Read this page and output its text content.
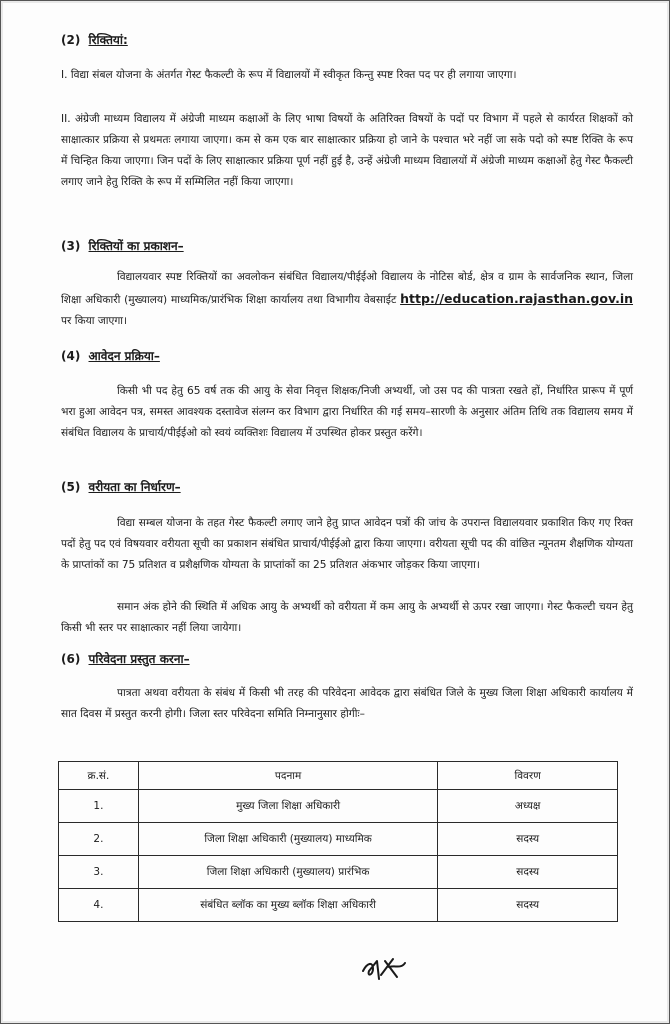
(2) रिक्तियां:

I. विद्या संबल योजना के अंतर्गत गेस्ट फैकल्टी के रूप में विद्यालयों में स्वीकृत किन्तु स्पष्ट रिक्त पद पर ही लगाया जाएगा।

II. अंग्रेजी माध्यम विद्यालय में अंग्रेजी माध्यम कक्षाओं के लिए भाषा विषयों के अतिरिक्त विषयों के पदों पर विभाग में पहले से कार्यरत शिक्षकों को साक्षात्कार प्रक्रिया से प्रथमतः लगाया जाएगा। कम से कम एक बार साक्षात्कार प्रक्रिया हो जाने के पश्चात भरे नहीं जा सके पदो को स्पष्ट रिक्ति के रूप में चिन्हित किया जाएगा। जिन पदों के लिए साक्षात्कार प्रक्रिया पूर्ण नहीं हुई है, उन्हें अंग्रेजी माध्यम विद्यालयों में अंग्रेजी माध्यम कक्षाओं हेतु गेस्ट फैकल्टी लगाए जाने हेतु रिक्ति के रूप में सम्मिलित नहीं किया जाएगा।

(3) रिक्तियों का प्रकाशन–

विद्यालयवार स्पष्ट रिक्तियों का अवलोकन संबंधित विद्यालय/पीईईओ विद्यालय के नोटिस बोर्ड, क्षेत्र व ग्राम के सार्वजनिक स्थान, जिला शिक्षा अधिकारी (मुख्यालय) माध्यमिक/प्रारंभिक शिक्षा कार्यालय तथा विभागीय वेबसाईट http://education.rajasthan.gov.in पर किया जाएगा।

(4) आवेदन प्रक्रिया–

किसी भी पद हेतु 65 वर्ष तक की आयु के सेवा निवृत्त शिक्षक/निजी अभ्यर्थी, जो उस पद की पात्रता रखते हों, निर्धारित प्रारूप में पूर्ण भरा हुआ आवेदन पत्र, समस्त आवश्यक दस्तावेज संलग्न कर विभाग द्वारा निर्धारित की गई समय–सारणी के अनुसार अंतिम तिथि तक विद्यालय समय में संबंधित विद्यालय के प्राचार्य/पीईईओ को स्वयं व्यक्तिशः विद्यालय में उपस्थित होकर प्रस्तुत करेंगे।

(5) वरीयता का निर्धारण–

विद्या सम्बल योजना के तहत गेस्ट फैकल्टी लगाए जाने हेतु प्राप्त आवेदन पत्रों की जांच के उपरान्त विद्यालयवार प्रकाशित किए गए रिक्त पदों हेतु पद एवं विषयवार वरीयता सूची का प्रकाशन संबंधित प्राचार्य/पीईईओ द्वारा किया जाएगा। वरीयता सूची पद की वांछित न्यूनतम शैक्षणिक योग्यता के प्राप्तांकों का 75 प्रतिशत व प्रशैक्षणिक योग्यता के प्राप्तांकों का 25 प्रतिशत अंकभार जोड़कर किया जाएगा।

समान अंक होने की स्थिति में अधिक आयु के अभ्यर्थी को वरीयता में कम आयु के अभ्यर्थी से ऊपर रखा जाएगा। गेस्ट फैकल्टी चयन हेतु किसी भी स्तर पर साक्षात्कार नहीं लिया जायेगा।

(6) परिवेदना प्रस्तुत करना–

पात्रता अथवा वरीयता के संबंध में किसी भी तरह की परिवेदना आवेदक द्वारा संबंधित जिले के मुख्य जिला शिक्षा अधिकारी कार्यालय में सात दिवस में प्रस्तुत करनी होगी। जिला स्तर परिवेदना समिति निम्नानुसार होगीः–

क्र.सं.	पदनाम	विवरण
1.	मुख्य जिला शिक्षा अधिकारी	अध्यक्ष
2.	जिला शिक्षा अधिकारी (मुख्यालय) माध्यमिक	सदस्य
3.	जिला शिक्षा अधिकारी (मुख्यालय) प्रारंभिक	सदस्य
4.	संबंधित ब्लॉक का मुख्य ब्लॉक शिक्षा अधिकारी	सदस्य
